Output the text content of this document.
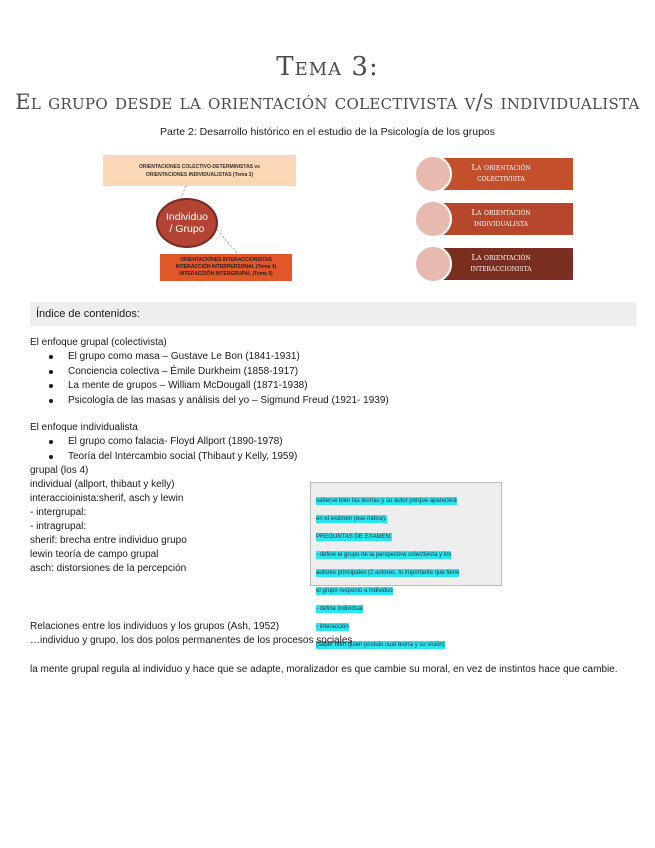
Tema 3:
El grupo desde la orientación colectivista v/s individualista
Parte 2: Desarrollo histórico en el estudio de la Psicología de los grupos
ORIENTACIONES COLECTIVO-DETERMINISTAS vs
ORIENTACIONES INDIVIDUALISTAS (Tema 3)
Individuo
/ Grupo
ORIENTACIONES INTERACCIONISTAS
INTERACCIÓN INTERPERSONAL (Tema 4)
INTERACCIÓN INTERGRUPAL (Tema 5)
La orientación
colectivista
La orientación
individualista
La orientación
interaccionista
Índice de contenidos:
El enfoque grupal (colectivista)
El grupo como masa – Gustave Le Bon (1841-1931)
Conciencia colectiva – Émile Durkheim (1858-1917)
La mente de grupos – William McDougall (1871-1938)
Psicología de las masas y análisis del yo – Sigmund Freud (1921- 1939)
El enfoque individualista
El grupo como falacia- Floyd Allport (1890-1978)
Teoría del Intercambio social (Thibaut y Kelly, 1959)
grupal (los 4)
individual (allport, thibaut y kelly)
interaccioinista:sherif, asch y lewin
- intergrupal:
- intragrupal:
sherif: brecha entre individuo grupo
lewin teoría de campo grupal
asch: distorsiones de la percepción
saberse bien las teorías y su autor porque aparecerá
en el exámen (ese índice).
PREGUNTAS DE EXAMEN:
- define el grupo de la perspectiva colectivista y los
autores principales (2 autores, lo importante que tiene
el grupo respecto a individuo
- define individual
- interacción
(saber bien quien postulo cual teoría y su visión)
Relaciones entre los individuos y los grupos (Ash, 1952)
…individuo y grupo, los dos polos permanentes de los procesos sociales
la mente grupal regula al individuo y hace que se adapte, moralizador es que cambie su moral, en vez de instintos hace que cambie.
